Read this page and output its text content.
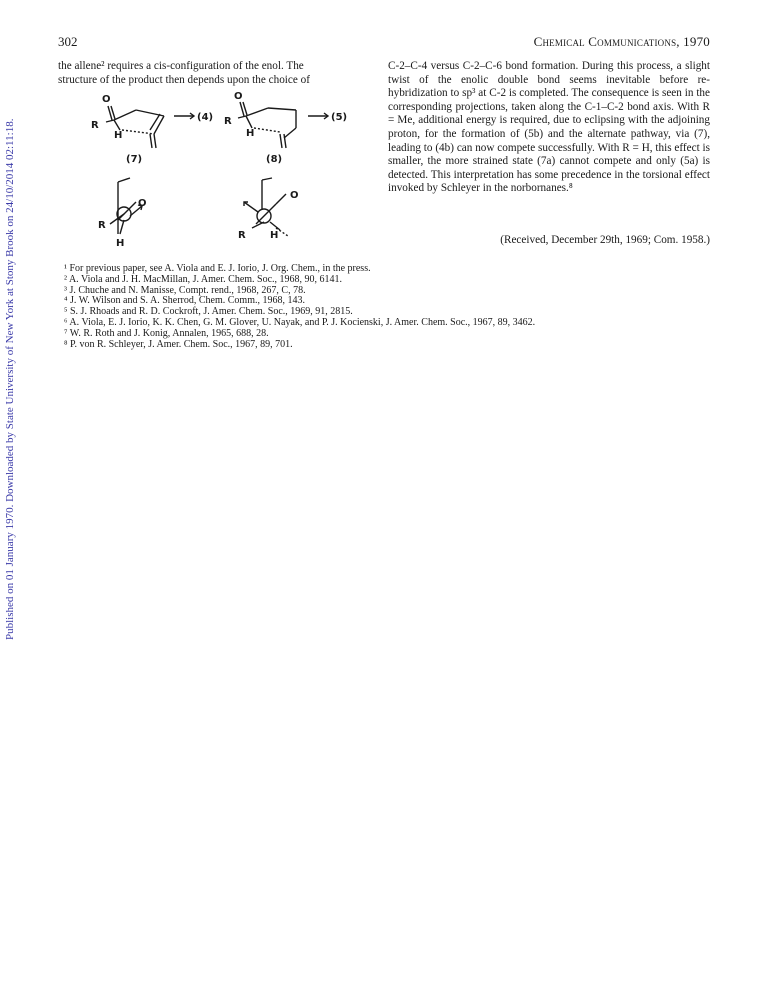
302	Chemical Communications, 1970
Published on 01 January 1970. Downloaded by State University of New York at Stony Brook on 24/10/2014 02:11:18.
the allene² requires a cis-configuration of the enol. The
structure of the product then depends upon the choice of
O
R
H
(4)
O
R
H
(5)
(7)	(8)
O
R
H
O
R H
C-2–C-4 versus C-2–C-6 bond formation. During this process, a slight twist of the enolic double bond seems inevitable before re-hybridization to sp³ at C-2 is completed. The consequence is seen in the corresponding projections, taken along the C-1–C-2 bond axis. With R = Me, additional energy is required, due to eclipsing with the adjoining proton, for the formation of (5b) and the alternate pathway, via (7), leading to (4b) can now compete successfully. With R = H, this effect is smaller, the more strained state (7a) cannot compete and only (5a) is detected. This interpretation has some precedence in the torsional effect invoked by Schleyer in the norbornanes.⁸
(Received, December 29th, 1969; Com. 1958.)
¹ For previous paper, see A. Viola and E. J. Iorio, J. Org. Chem., in the press.
² A. Viola and J. H. MacMillan, J. Amer. Chem. Soc., 1968, 90, 6141.
³ J. Chuche and N. Manisse, Compt. rend., 1968, 267, C, 78.
⁴ J. W. Wilson and S. A. Sherrod, Chem. Comm., 1968, 143.
⁵ S. J. Rhoads and R. D. Cockroft, J. Amer. Chem. Soc., 1969, 91, 2815.
⁶ A. Viola, E. J. Iorio, K. K. Chen, G. M. Glover, U. Nayak, and P. J. Kocienski, J. Amer. Chem. Soc., 1967, 89, 3462.
⁷ W. R. Roth and J. Konig, Annalen, 1965, 688, 28.
⁸ P. von R. Schleyer, J. Amer. Chem. Soc., 1967, 89, 701.
